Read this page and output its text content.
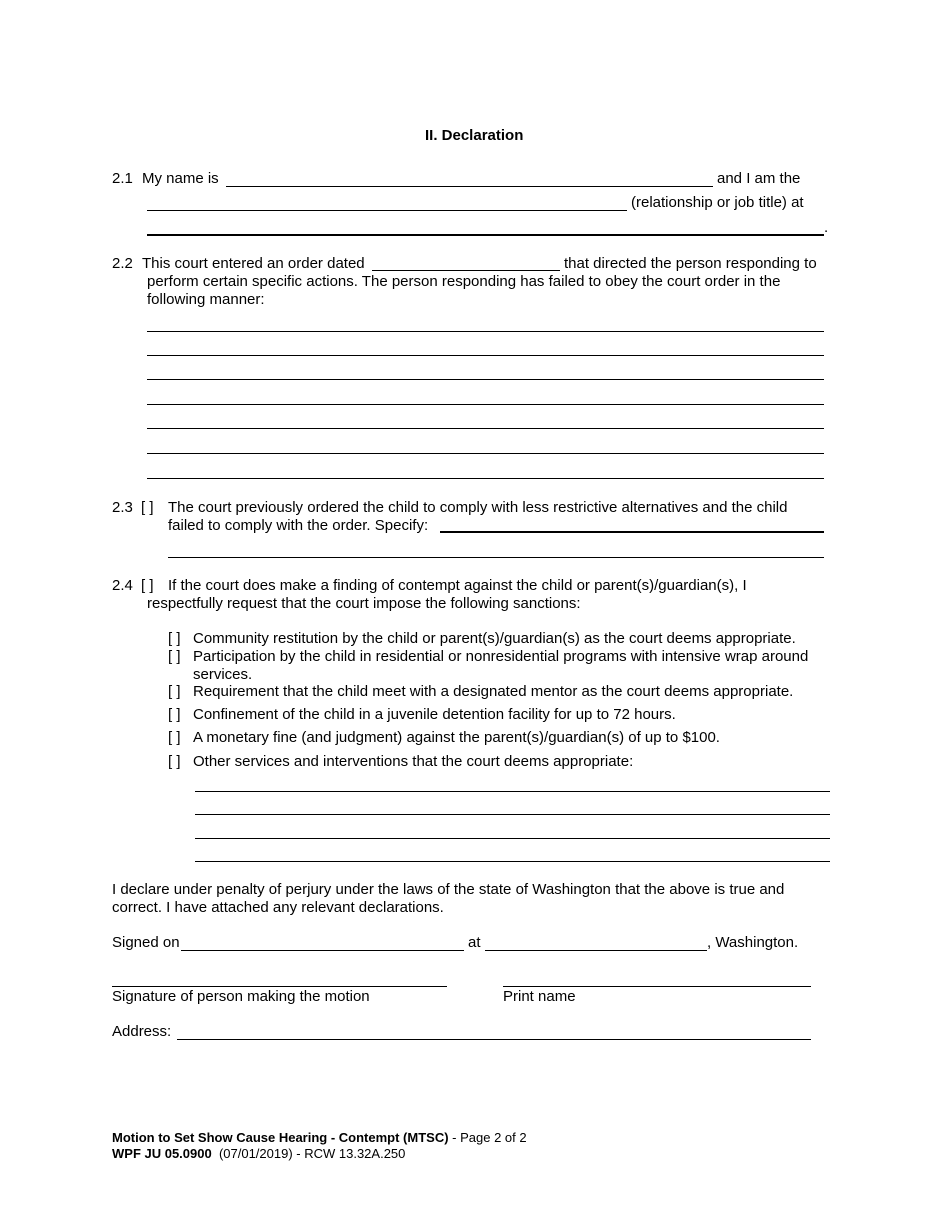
II. Declaration
2.1 My name is	and I am the
(relationship or job title) at
.
2.2 This court entered an order dated	that directed the person responding to
perform certain specific actions. The person responding has failed to obey the court order in the
following manner:
2.3 [ ] The court previously ordered the child to comply with less restrictive alternatives and the child
failed to comply with the order. Specify:
2.4 [ ] If the court does make a finding of contempt against the child or parent(s)/guardian(s), I
respectfully request that the court impose the following sanctions:
[ ] Community restitution by the child or parent(s)/guardian(s) as the court deems appropriate.
[ ] Participation by the child in residential or nonresidential programs with intensive wrap around
services.
[ ] Requirement that the child meet with a designated mentor as the court deems appropriate.
[ ] Confinement of the child in a juvenile detention facility for up to 72 hours.
[ ] A monetary fine (and judgment) against the parent(s)/guardian(s) of up to $100.
[ ] Other services and interventions that the court deems appropriate:
I declare under penalty of perjury under the laws of the state of Washington that the above is true and
correct. I have attached any relevant declarations.
Signed on	at	, Washington.
Signature of person making the motion	Print name
Address:
Motion to Set Show Cause Hearing - Contempt (MTSC) - Page 2 of 2
WPF JU 05.0900  (07/01/2019) - RCW 13.32A.250
